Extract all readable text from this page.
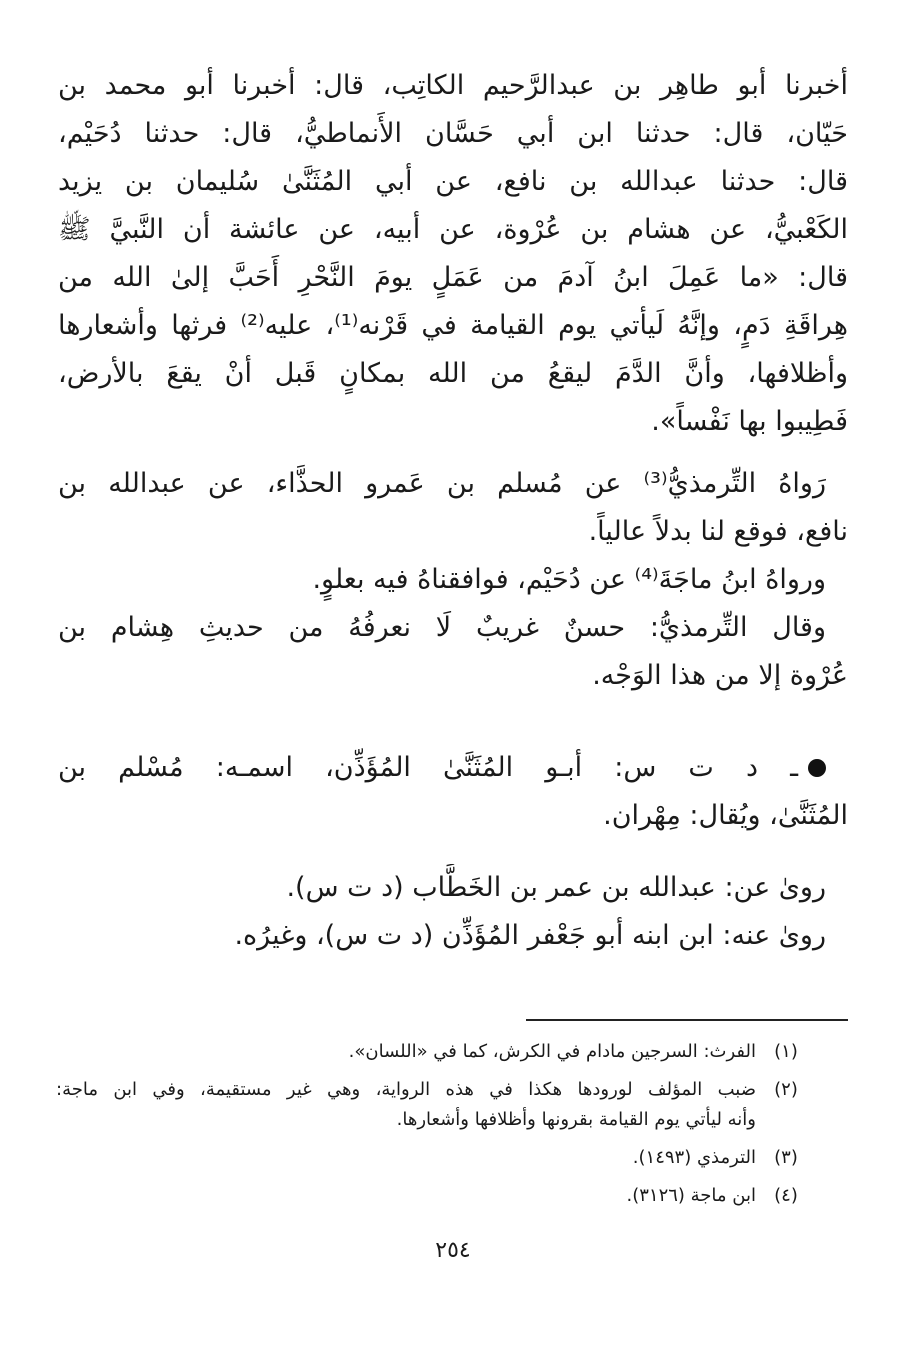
أخبرنا أبو طاهِر بن عبدالرَّحيم الكاتِب، قال: أخبرنا أبو محمد بن
حَيّان، قال: حدثنا ابن أبي حَسَّان الأَنماطيُّ، قال: حدثنا دُحَيْم،
قال: حدثنا عبدالله بن نافع، عن أبي المُثَنَّىٰ سُليمان بن يزيد
الكَعْبيُّ، عن هشام بن عُرْوة، عن أبيه، عن عائشة أن النَّبيَّ ﷺ
قال: «ما عَمِلَ ابنُ آدمَ من عَمَلٍ يومَ النَّحْرِ أَحَبَّ إلىٰ الله من
هِراقَةِ دَمٍ، وإنَّهُ لَيأتي يوم القيامة في قَرْنه⁽¹⁾، عليه⁽²⁾ فرثها وأشعارها
وأظلافها، وأنَّ الدَّمَ ليقعُ من الله بمكانٍ قَبل أنْ يقعَ بالأرض،
فَطِيبوا بها نَفْساً».
رَواهُ التِّرمذيُّ⁽³⁾ عن مُسلم بن عَمرو الحذَّاء، عن عبدالله بن
نافع، فوقع لنا بدلاً عالياً.
ورواهُ ابنُ ماجَةَ⁽⁴⁾ عن دُحَيْم، فوافقناهُ فيه بعلوٍ.
وقال التِّرمذيُّ: حسنٌ غريبٌ لَا نعرفُهُ من حديثِ هِشام بن
عُرْوة إلا من هذا الوَجْه.
ـ د ت س: أبـو المُثَنَّىٰ المُؤَذِّن، اسمـه: مُسْلم بن
المُثَنَّىٰ، ويُقال: مِهْران.
روىٰ عن: عبدالله بن عمر بن الخَطَّاب (د ت س).
روىٰ عنه: ابن ابنه أبو جَعْفر المُؤَذِّن (د ت س)، وغيرُه.
(١)
الفرث: السرجين مادام في الكرش، كما في «اللسان».
(٢)
ضبب المؤلف لورودها هكذا في هذه الرواية، وهي غير مستقيمة، وفي ابن ماجة:
وأنه ليأتي يوم القيامة بقرونها وأظلافها وأشعارها.
(٣)
الترمذي (١٤٩٣).
(٤)
ابن ماجة (٣١٢٦).
٢٥٤
